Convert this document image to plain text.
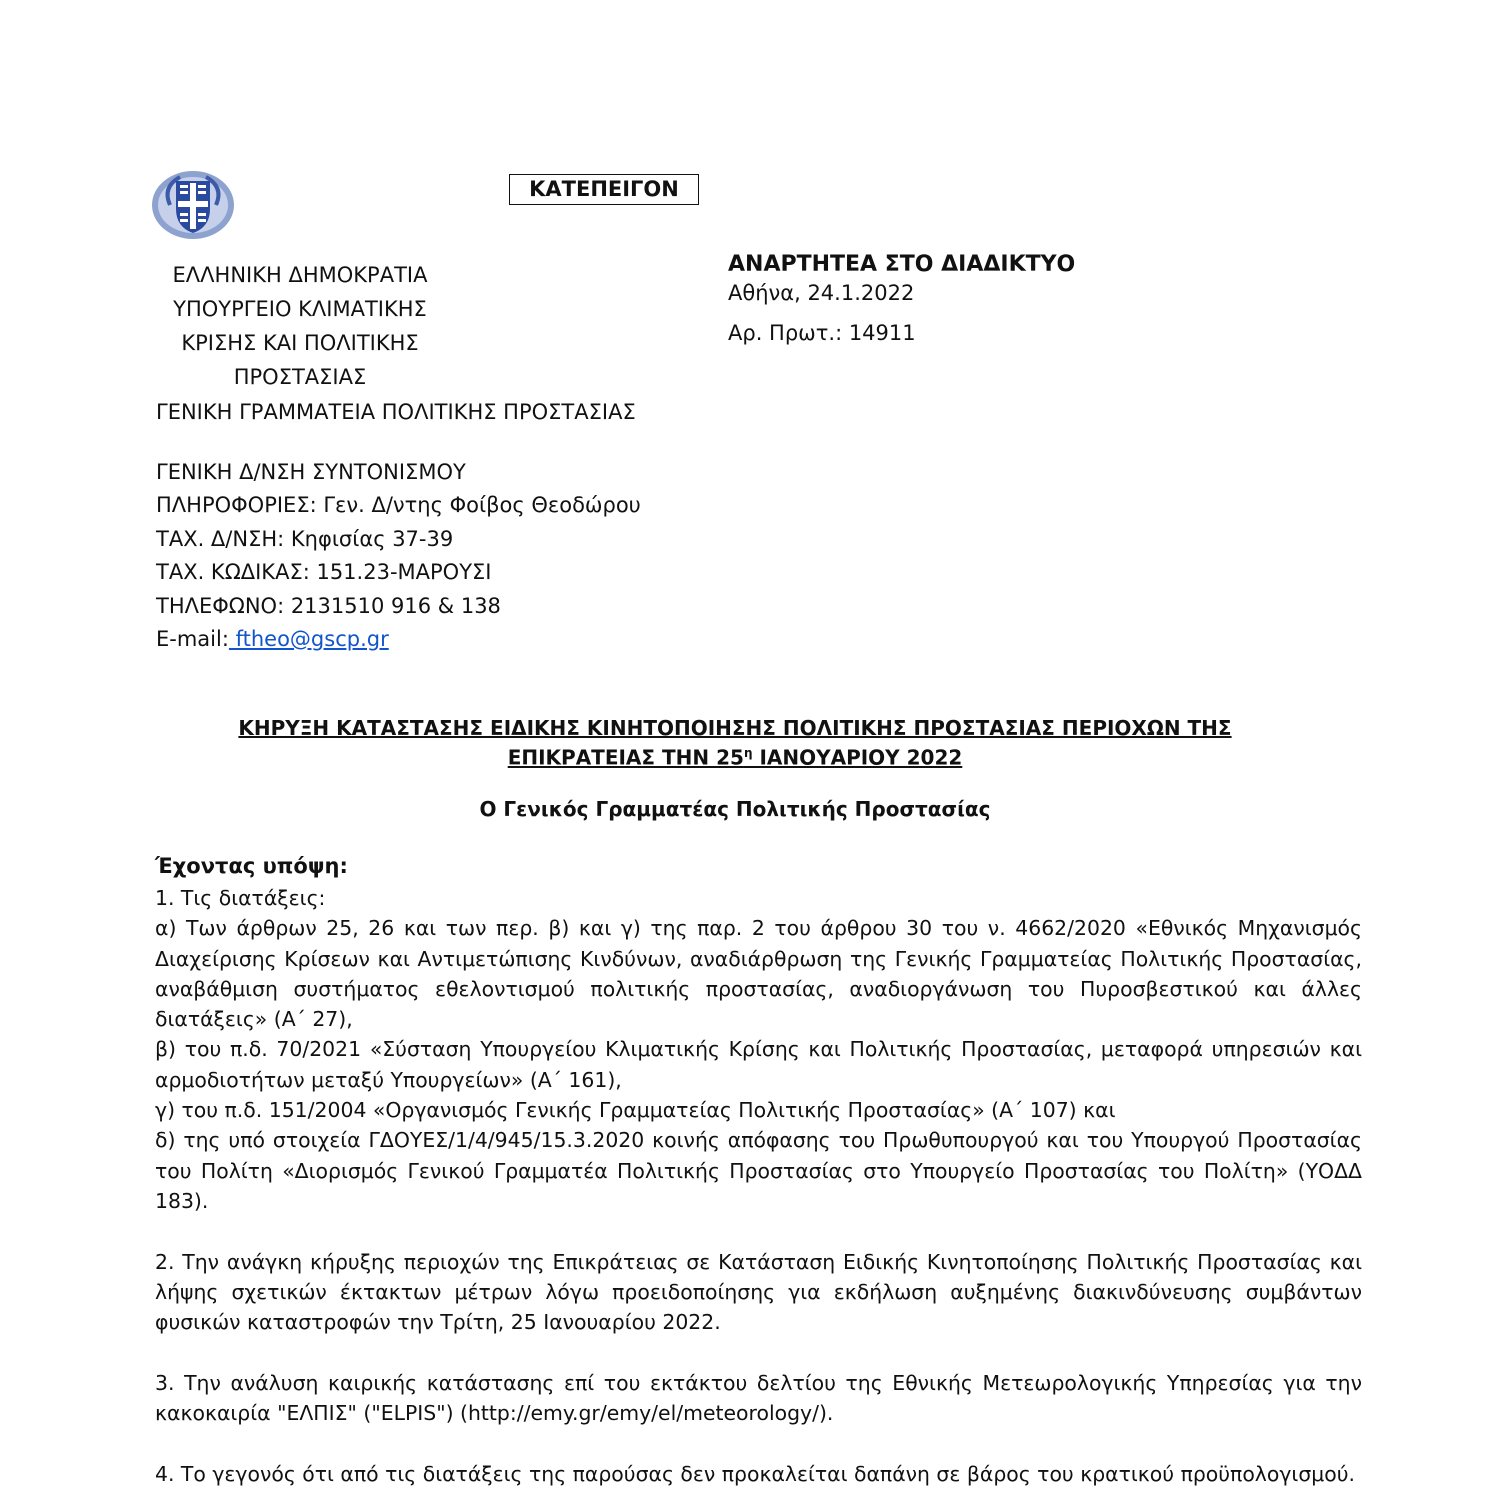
ΚΑΤΕΠΕΙΓΟΝ
ΕΛΛΗΝΙΚΗ ΔΗΜΟΚΡΑΤΙΑ
ΥΠΟΥΡΓΕΙΟ ΚΛΙΜΑΤΙΚΗΣ
ΚΡΙΣΗΣ ΚΑΙ ΠΟΛΙΤΙΚΗΣ
ΠΡΟΣΤΑΣΙΑΣ
ΓΕΝΙΚΗ ΓΡΑΜΜΑΤΕΙΑ ΠΟΛΙΤΙΚΗΣ ΠΡΟΣΤΑΣΙΑΣ
ΓΕΝΙΚΗ Δ/ΝΣΗ ΣΥΝΤΟΝΙΣΜΟΥ
ΠΛΗΡΟΦΟΡΙΕΣ: Γεν. Δ/ντης Φοίβος Θεοδώρου
ΤΑΧ. Δ/ΝΣΗ: Κηφισίας 37-39
ΤΑΧ. ΚΩΔΙΚΑΣ: 151.23-ΜΑΡΟΥΣΙ
ΤΗΛΕΦΩΝΟ: 2131510 916 & 138
E-mail: ftheo@gscp.gr
ΑΝΑΡΤΗΤΕΑ ΣΤΟ ΔΙΑΔΙΚΤΥΟ
Αθήνα, 24.1.2022
Αρ. Πρωτ.: 14911
ΚΗΡΥΞΗ ΚΑΤΑΣΤΑΣΗΣ ΕΙΔΙΚΗΣ ΚΙΝΗΤΟΠΟΙΗΣΗΣ ΠΟΛΙΤΙΚΗΣ ΠΡΟΣΤΑΣΙΑΣ ΠΕΡΙΟΧΩΝ ΤΗΣ
ΕΠΙΚΡΑΤΕΙΑΣ ΤΗΝ $25^\eta$ ΙΑΝΟΥΑΡΙΟΥ 2022
Ο Γενικός Γραμματέας Πολιτικής Προστασίας
Έχοντας υπόψη:

1. Τις διατάξεις:

α) Των άρθρων 25, 26 και των περ. β) και γ) της παρ. 2 του άρθρου 30 του ν. 4662/2020 «Εθνικός Μηχανισμός Διαχείρισης Κρίσεων και Αντιμετώπισης Κινδύνων, αναδιάρθρωση της Γενικής Γραμματείας Πολιτικής Προστασίας, αναβάθμιση συστήματος εθελοντισμού πολιτικής προστασίας, αναδιοργάνωση του Πυροσβεστικού και άλλες διατάξεις» (Α΄ 27),

β) του π.δ. 70/2021 «Σύσταση Υπουργείου Κλιματικής Κρίσης και Πολιτικής Προστασίας, μεταφορά υπηρεσιών και αρμοδιοτήτων μεταξύ Υπουργείων» (Α΄ 161),

γ) του π.δ. 151/2004 «Οργανισμός Γενικής Γραμματείας Πολιτικής Προστασίας» (Α΄ 107) και

δ) της υπό στοιχεία ΓΔΟΥΕΣ/1/4/945/15.3.2020 κοινής απόφασης του Πρωθυπουργού και του Υπουργού Προστασίας του Πολίτη «Διορισμός Γενικού Γραμματέα Πολιτικής Προστασίας στο Υπουργείο Προστασίας του Πολίτη» (ΥΟΔΔ 183).

2. Την ανάγκη κήρυξης περιοχών της Επικράτειας σε Κατάσταση Ειδικής Κινητοποίησης Πολιτικής Προστασίας και λήψης σχετικών έκτακτων μέτρων λόγω προειδοποίησης για εκδήλωση αυξημένης διακινδύνευσης συμβάντων φυσικών καταστροφών την Τρίτη, 25 Ιανουαρίου 2022.

3. Την ανάλυση καιρικής κατάστασης επί του εκτάκτου δελτίου της Εθνικής Μετεωρολογικής Υπηρεσίας για την κακοκαιρία "ΕΛΠΙΣ" ("ELPIS") (http://emy.gr/emy/el/meteorology/).

4. Το γεγονός ότι από τις διατάξεις της παρούσας δεν προκαλείται δαπάνη σε βάρος του κρατικού προϋπολογισμού.
